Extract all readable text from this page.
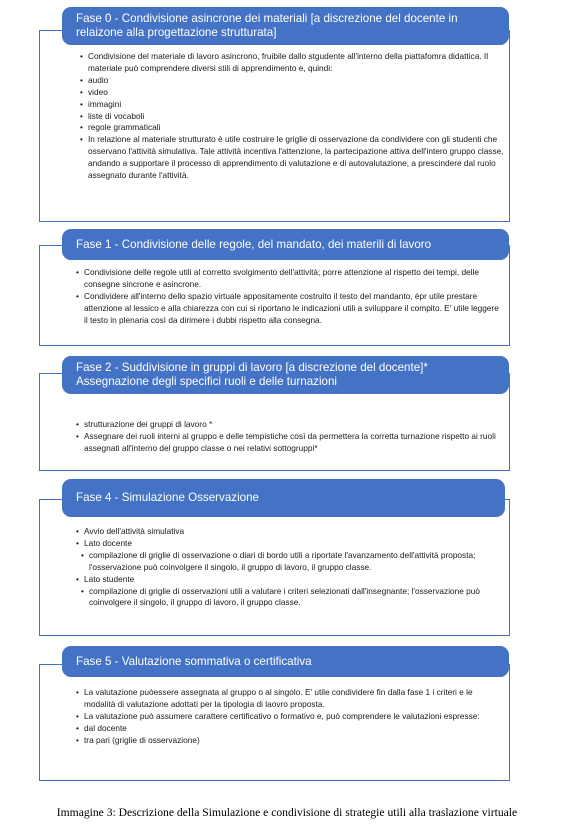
Fase 0 - Condivisione asincrone dei materiali [a discrezione del docente in relaizone alla progettazione strutturata]

• Condivisione del materiale di lavoro asincrono, fruibile dallo stgudente all'interno della piattafomra didattica. Il materiale può comprendere diversi stili di apprendimento e, quindi:

• audio

• video

• immagini

• liste di vocaboli

• regole grammaticali

• In relazione al materiale strutturato è utile costruire le griglie di osservazione da condividere con gli studenti che osservano l'attività simulativa. Tale attività incentiva l'attenzione, la partecipazione attiva dell'intero gruppo classe, andando a supportare il processo di apprendimento di valutazione e di autovalutazione, a prescindere dal ruolo assegnato durante l'attività.

Fase 1 - Condivisione delle regole, del mandato, dei materili di lavoro

• Condivisione delle regole utili al corretto svolgimento dell'attività; porre attenzione al rispetto dei tempi, delle consegne sincrone e asincrone.

• Condividere all'interno dello spazio virtuale appositamente costruito il testo del mandanto, èpr utile prestare attenzione al lessico e alla chiarezza con cui si riportano le indicazioni utili a sviluppare il compito. E' utile leggere il testo in plenaria così da dirimere i dubbi rispetto alla consegna.

Fase 2 - Suddivisione in gruppi di lavoro [a discrezione del docente]* Assegnazione degli specifici ruoli e delle turnazioni

• strutturazione dei gruppi di lavoro *

• Assegnare dei ruoli interni al gruppo e delle tempistiche così da permettera la corretta turnazione rispetto ai ruoli assegnati all'interno del gruppo classe o nei relativi sottogruppi*

Fase 4 - Simulazione Osservazione

• Avvio dell'attività simulativa

• Lato docente

• compilazione di griglie di osservazione o diari di bordo utili a riportate l'avanzamento dell'attività proposta; l'osservazione può coinvolgere il singolo, il gruppo di lavoro, il gruppo classe.

• Lato studente

• compilazione di griglie di osservazioni utili a valutare i criteri selezionati dall'insegnante; l'osservazione può coinvolgere il singolo, il gruppo di lavoro, il gruppo classe.

Fase 5 - Valutazione sommativa o certificativa

• La valutazione puòessere assegnata al gruppo o al singolo. E' utile condividere fin dalla fase 1 i criteri e le modalità di valutazione adottati per la tipologia di laovro proposta.

• La valutazione può assumere carattere certificativo o formativo e, può comprendere le valutazioni espresse:

• dal docente

• tra pari (griglie di osservazione)

Immagine 3: Descrizione della Simulazione e condivisione di strategie utili alla traslazione virtuale
